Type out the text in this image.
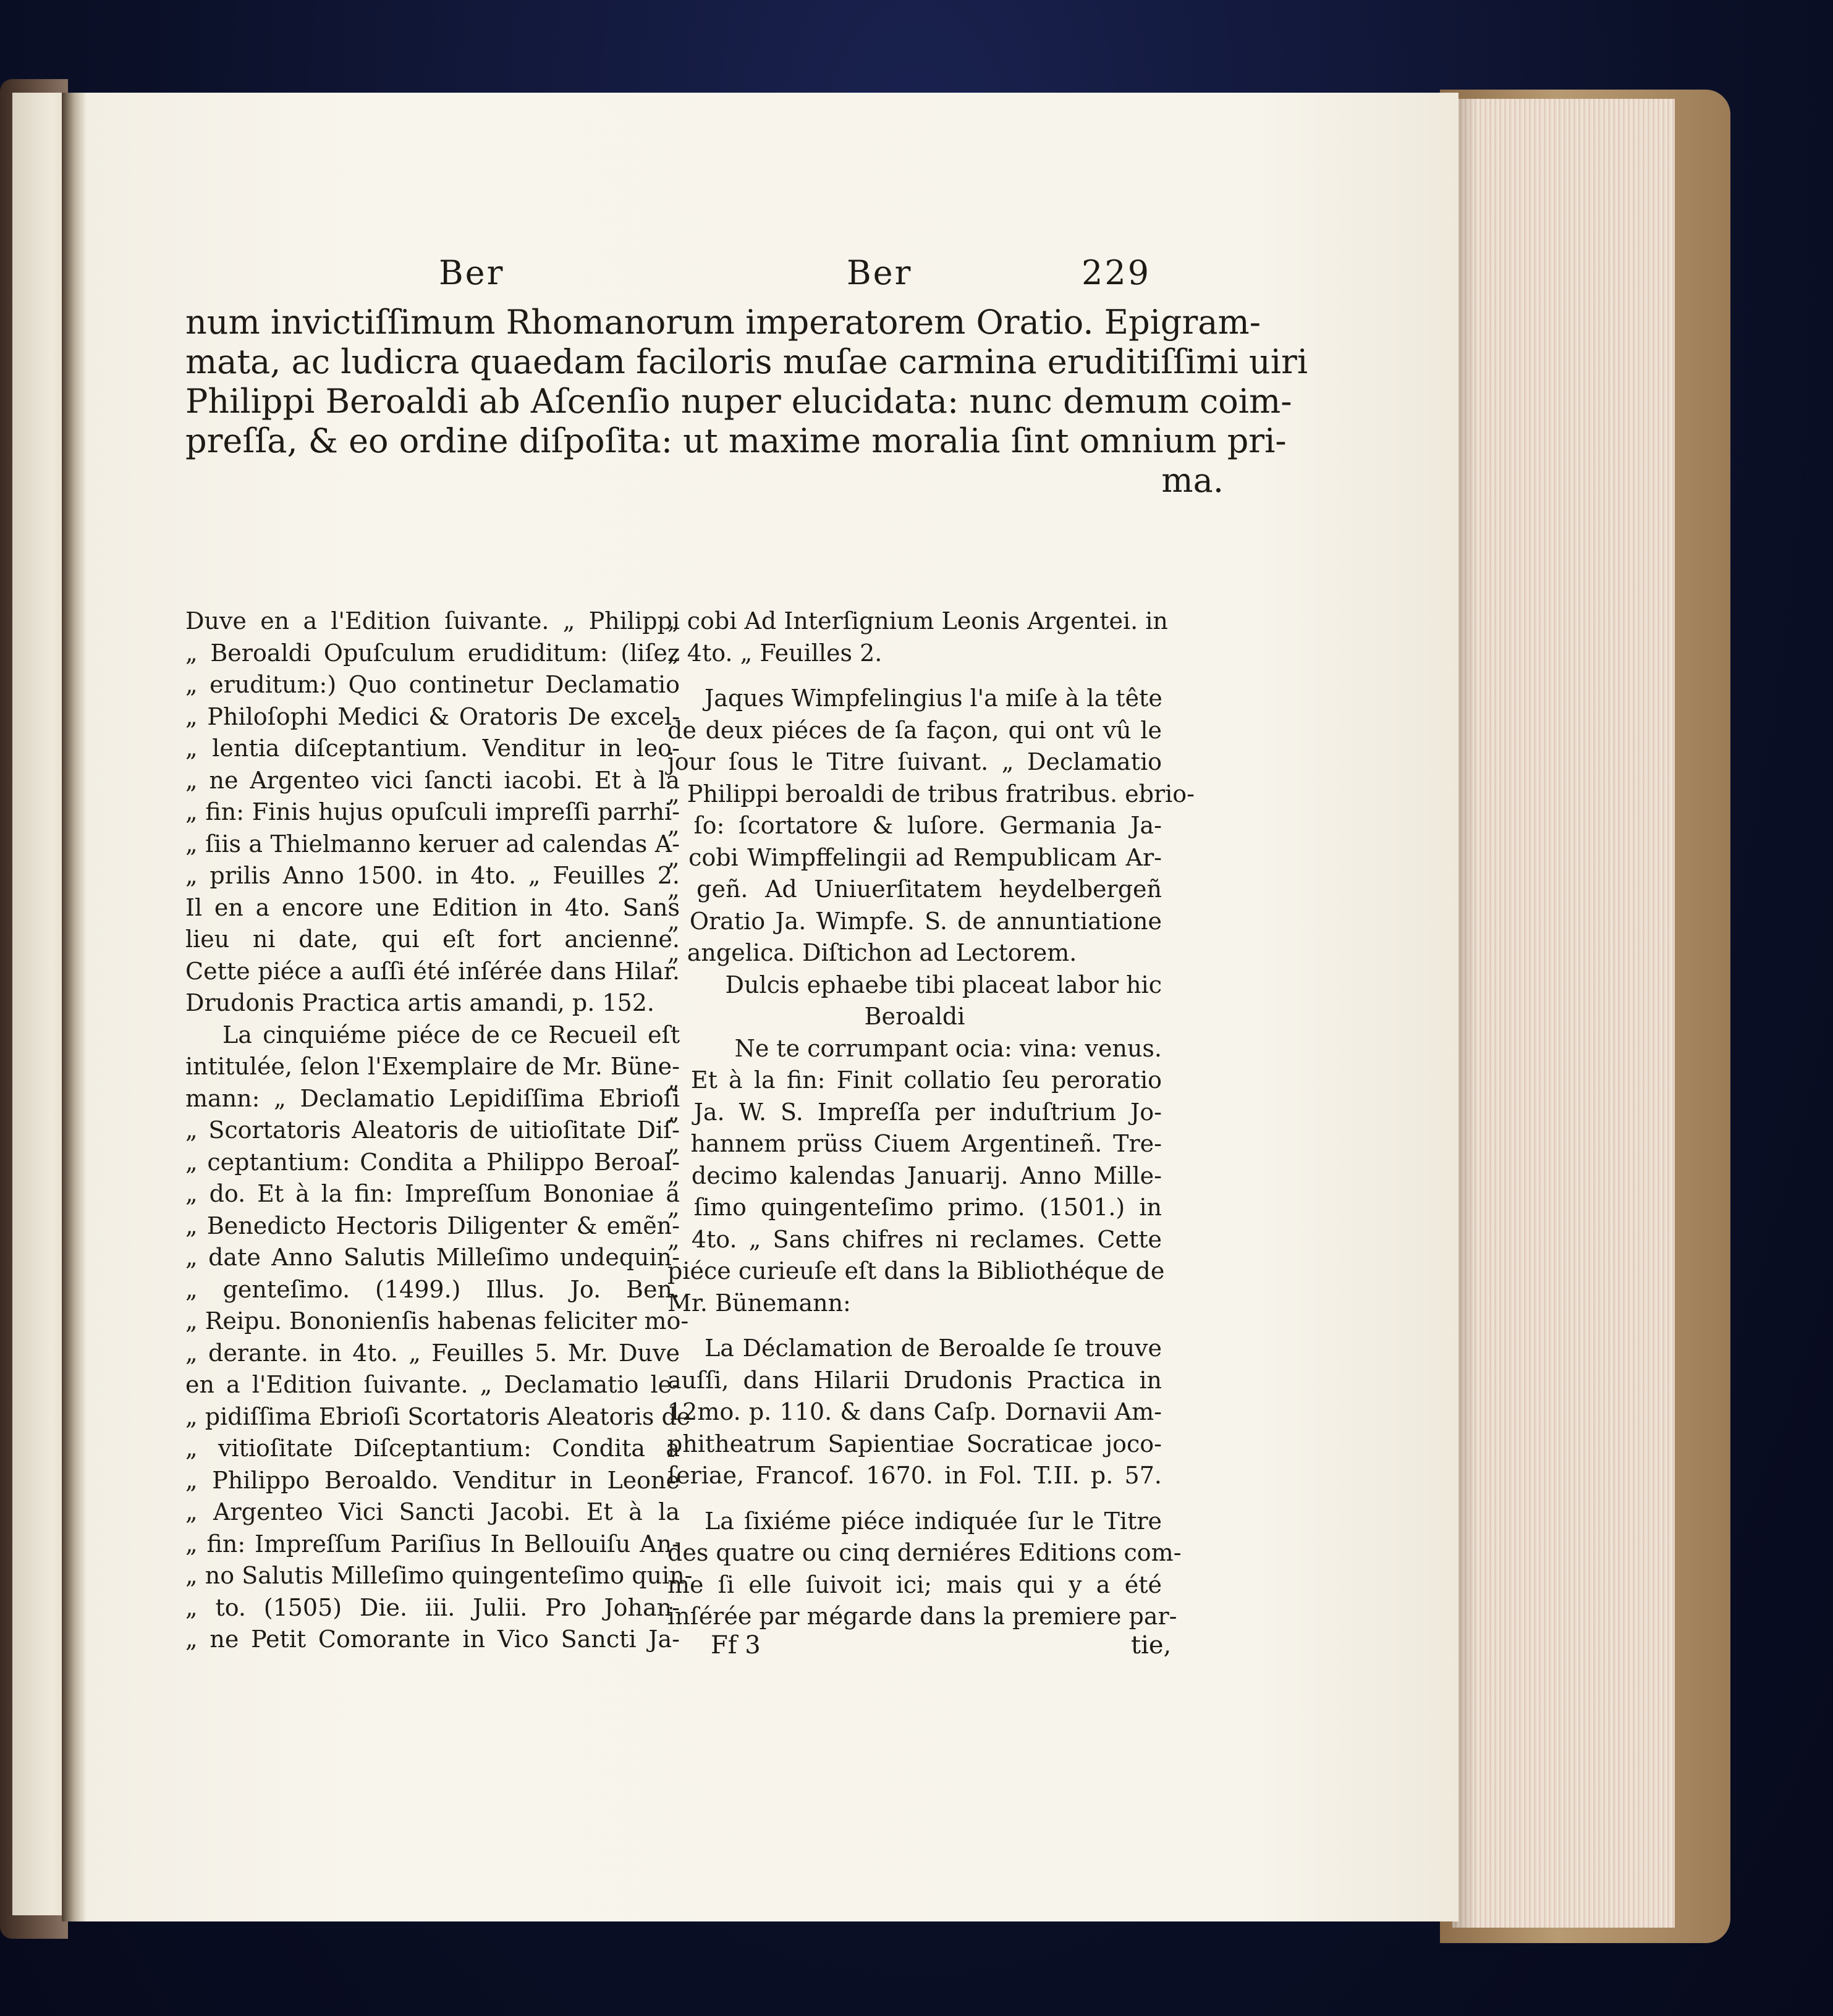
Ber	Ber	229
num invictiſſimum Rhomanorum imperatorem Oratio. Epigram-
mata, ac ludicra quaedam faciloris muſae carmina eruditiſſimi uiri
Philippi Beroaldi ab Aſcenſio nuper elucidata: nunc demum coim-
preſſa, & eo ordine diſpoſita: ut maxime moralia ſint omnium pri-
ma.
Duve en a l'Edition ſuivante. „ Philippi
„ Beroaldi Opuſculum erudiditum: (liſez
„ eruditum:) Quo continetur Declamatio
„ Philoſophi Medici & Oratoris De excel-
„ lentia diſceptantium. Venditur in leo-
„ ne Argenteo vici ſancti iacobi. Et à la
„ fin: Finis hujus opuſculi impreſſi parrhi-
„ ſiis a Thielmanno keruer ad calendas A-
„ prilis Anno 1500. in 4to. „ Feuilles 2.
Il en a encore une Edition in 4to. Sans
lieu ni date, qui eſt fort ancienne.
Cette piéce a auſſi été inſérée dans Hilar.
Drudonis Practica artis amandi, p. 152.
La cinquiéme piéce de ce Recueil eſt
intitulée, ſelon l'Exemplaire de Mr. Büne-
mann: „ Declamatio Lepidiſſima Ebrioſi
„ Scortatoris Aleatoris de uitioſitate Diſ-
„ ceptantium: Condita a Philippo Beroal-
„ do. Et à la fin: Impreſſum Bononiae a
„ Benedicto Hectoris Diligenter & emẽn-
„ date Anno Salutis Milleſimo undequin-
„ genteſimo. (1499.) Illus. Jo. Ben.
„ Reipu. Bononienſis habenas feliciter mo-
„ derante. in 4to. „ Feuilles 5. Mr. Duve
en a l'Edition ſuivante. „ Declamatio le-
„ pidiſſima Ebrioſi Scortatoris Aleatoris de
„ vitioſitate Diſceptantium: Condita a
„ Philippo Beroaldo. Venditur in Leone
„ Argenteo Vici Sancti Jacobi. Et à la
„ fin: Impreſſum Pariſius In Bellouiſu An-
„ no Salutis Milleſimo quingenteſimo quin-
„ to. (1505) Die. iii. Julii. Pro Johan-
„ ne Petit Comorante in Vico Sancti Ja-
„ cobi Ad Interſignium Leonis Argentei. in
„ 4to. „ Feuilles 2.
Jaques Wimpfelingius l'a miſe à la tête
de deux piéces de ſa façon, qui ont vû le
jour ſous le Titre ſuivant. „ Declamatio
„ Philippi beroaldi de tribus fratribus. ebrio-
„ ſo: ſcortatore & luſore. Germania Ja-
„ cobi Wimpffelingii ad Rempublicam Ar-
„ geñ. Ad Uniuerſitatem heydelbergeñ
„ Oratio Ja. Wimpfe. S. de annuntiatione
„ angelica. Diſtichon ad Lectorem.
Dulcis ephaebe tibi placeat labor hic
Beroaldi
Ne te corrumpant ocia: vina: venus.
„ Et à la fin: Finit collatio ſeu peroratio
„ Ja. W. S. Impreſſa per induſtrium Jo-
„ hannem prüss Ciuem Argentineñ. Tre-
„ decimo kalendas Januarij. Anno Mille-
„ ſimo quingenteſimo primo. (1501.) in
„ 4to. „ Sans chifres ni reclames. Cette
piéce curieuſe eſt dans la Bibliothéque de
Mr. Bünemann:
La Déclamation de Beroalde ſe trouve
auſſi, dans Hilarii Drudonis Practica in
12mo. p. 110. & dans Caſp. Dornavii Am-
phitheatrum Sapientiae Socraticae joco-
ſeriae, Francof. 1670. in Fol. T.II. p. 57.
La ſixiéme piéce indiquée ſur le Titre
des quatre ou cinq derniéres Editions com-
me ſi elle ſuivoit ici; mais qui y a été
inſérée par mégarde dans la premiere par-
Ff 3	tie,
